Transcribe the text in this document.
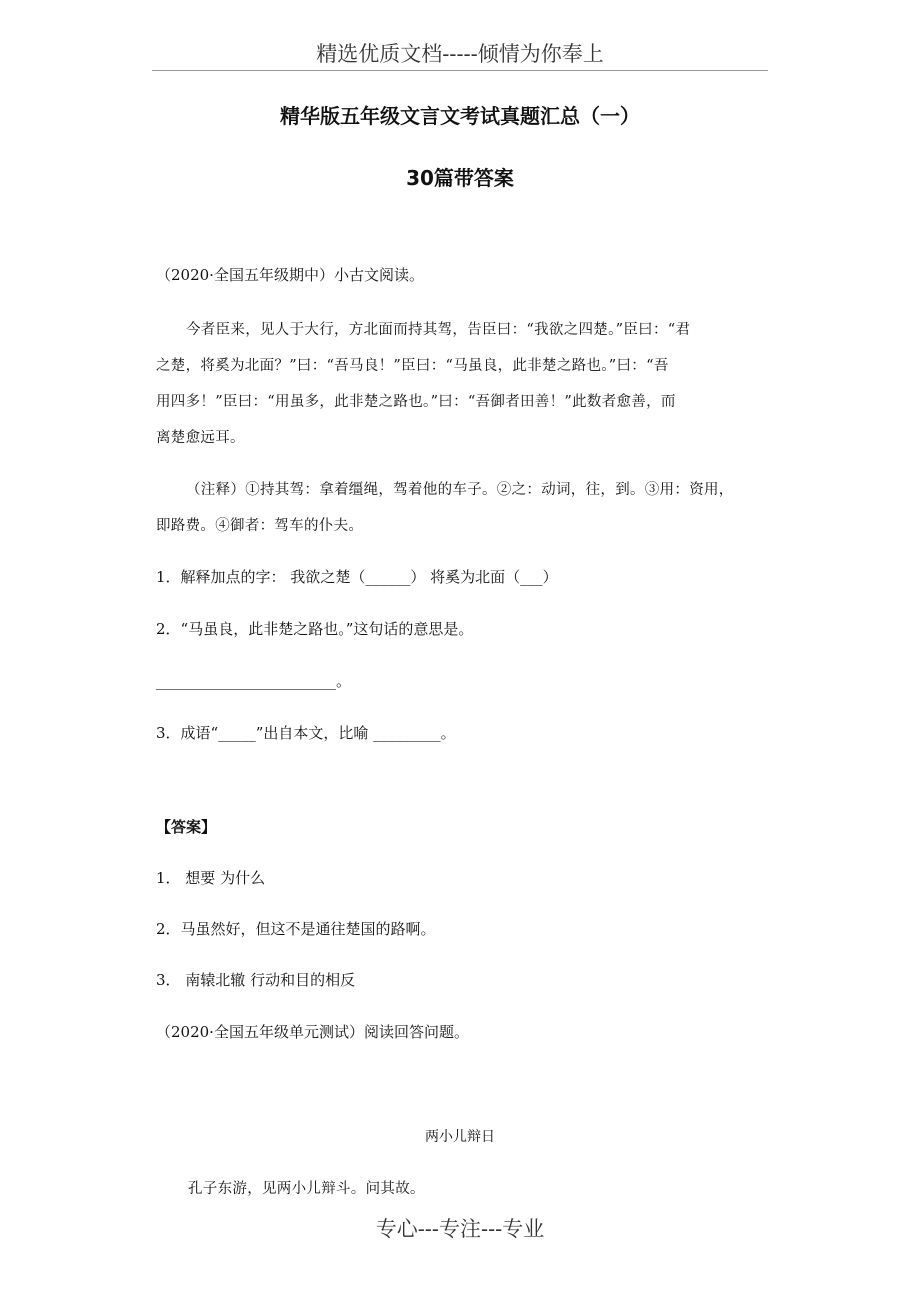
精选优质文档-----倾情为你奉上
精华版五年级文言文考试真题汇总（一）
30篇带答案
（2020·全国五年级期中）小古文阅读。
今者臣来，见人于大行，方北面而持其驾，告臣曰：“我欲之四楚。”臣曰：“君
之楚，将奚为北面？”曰：“吾马良！”臣曰：“马虽良，此非楚之路也。”曰：“吾
用四多！”臣曰：“用虽多，此非楚之路也。”曰：“吾御者田善！”此数者愈善，而
离楚愈远耳。
（注释）①持其驾：拿着缰绳，驾着他的车子。②之：动词，往，到。③用：资用，
即路费。④御者：驾车的仆夫。
1．解释加点的字： 我欲之楚（______） 将奚为北面（___）
2．“马虽良，此非楚之路也。”这句话的意思是。
________________________。
3．成语“_____”出自本文，比喻 _________。
【答案】
1． 想要 为什么
2．马虽然好，但这不是通往楚国的路啊。
3． 南辕北辙 行动和目的相反
（2020·全国五年级单元测试）阅读回答问题。
两小儿辩日
孔子东游，见两小儿辩斗。问其故。
专心---专注---专业
